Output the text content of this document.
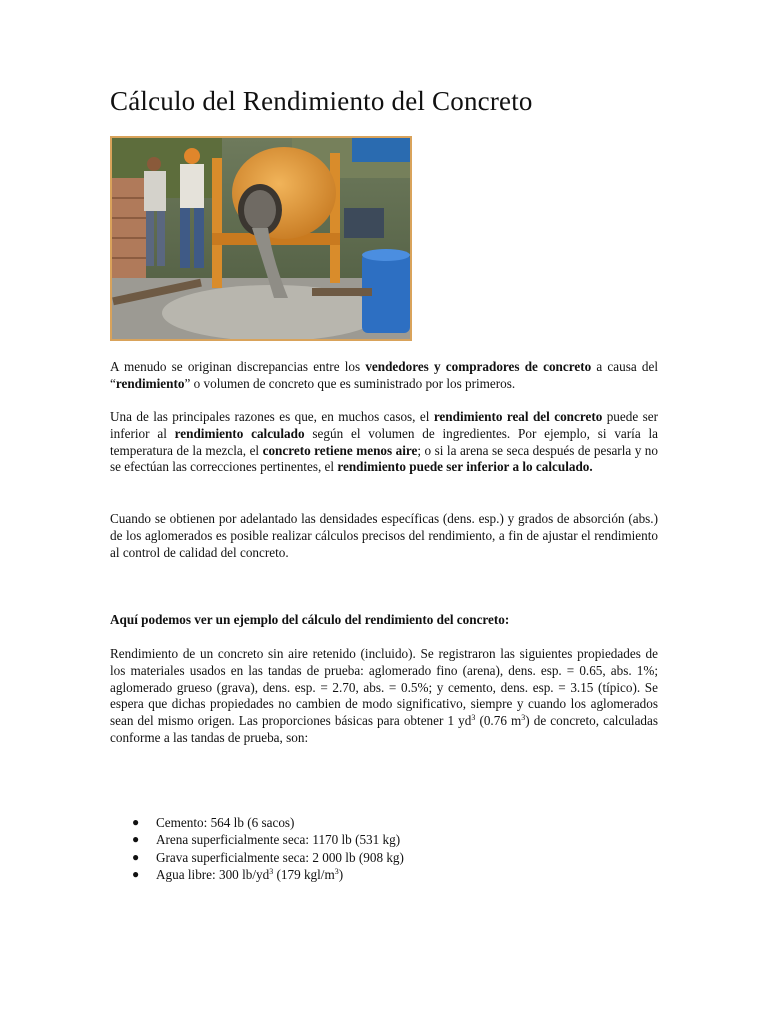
Cálculo del Rendimiento del Concreto

A menudo se originan discrepancias entre los vendedores y compradores de concreto a causa del “rendimiento” o volumen de concreto que es suministrado por los primeros.

Una de las principales razones es que, en muchos casos, el rendimiento real del concreto puede ser inferior al rendimiento calculado según el volumen de ingredientes. Por ejemplo, si varía la temperatura de la mezcla, el concreto retiene menos aire; o si la arena se seca después de pesarla y no se efectúan las correcciones pertinentes, el rendimiento puede ser inferior a lo calculado.

Cuando se obtienen por adelantado las densidades específicas (dens. esp.) y grados de absorción (abs.) de los aglomerados es posible realizar cálculos precisos del rendimiento, a fin de ajustar el rendimiento al control de calidad del concreto.

Aquí podemos ver un ejemplo del cálculo del rendimiento del concreto:

Rendimiento de un concreto sin aire retenido (incluido). Se registraron las siguientes propiedades de los materiales usados en las tandas de prueba: aglomerado fino (arena), dens. esp. = 0.65, abs. 1%; aglomerado grueso (grava), dens. esp. = 2.70, abs. = 0.5%; y cemento, dens. esp. = 3.15 (típico). Se espera que dichas propiedades no cambien de modo significativo, siempre y cuando los aglomerados sean del mismo origen. Las proporciones básicas para obtener 1 $yd^3$ (0.76 $m^3$) de concreto, calculadas conforme a las tandas de prueba, son:

● Cemento: 564 lb (6 sacos)
● Arena superficialmente seca: 1170 lb (531 kg)
● Grava superficialmente seca: 2 000 lb (908 kg)
● Agua libre: 300 $lb/yd^3$ (179 kgl/$m^3$)
